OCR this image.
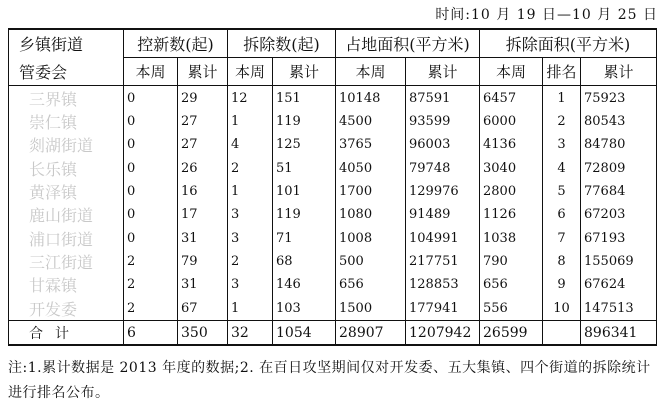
时间:10 月 19 日—10 月 25 日
乡镇街道	控新数(起)		拆除数(起)		占地面积(平方米)		拆除面积(平方米)		
管委会	本周	累计	本周	累计	本周	累计	本周	排名	累计
三界镇	0	29	12	151	10148	87591	6457	1	75923
崇仁镇	0	27	1	119	4500	93599	6000	2	80543
剡湖街道	0	27	4	125	3765	96003	4136	3	84780
长乐镇	0	26	2	51	4050	79748	3040	4	72809
黄泽镇	0	16	1	101	1700	129976	2800	5	77684
鹿山街道	0	17	3	119	1080	91489	1126	6	67203
浦口街道	0	31	3	71	1008	104991	1038	7	67193
三江街道	2	79	2	68	500	217751	790	8	155069
甘霖镇	2	31	3	146	656	128853	656	9	67624
开发委	2	67	1	103	1500	177941	556	10	147513
合计	6	350	32	1054	28907	1207942	26599		896341
注:1.累计数据是 2013 年度的数据;2. 在百日攻坚期间仅对开发委、五大集镇、四个街道的拆除统计进行排名公布。
